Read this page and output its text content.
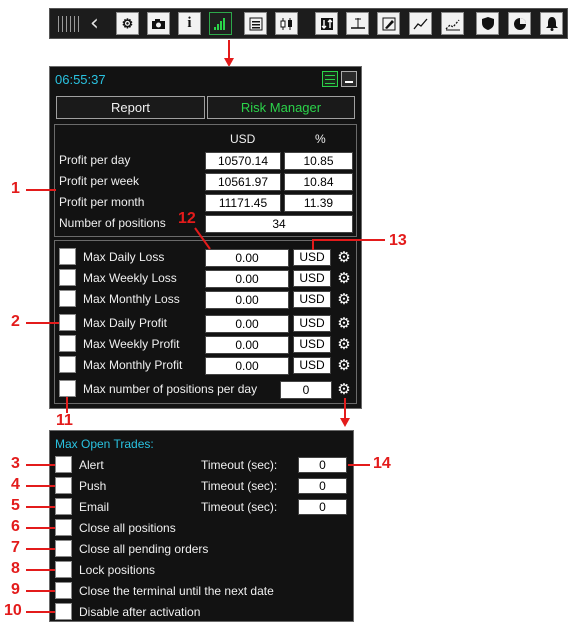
‹	⚙	i
06:55:37
Report	Risk Manager
USD	%
Profit per day	10570.14	10.85
Profit per week	10561.97	10.84
Profit per month	11171.45	11.39
Number of positions	34
Max Daily Loss	0.00	USD ⚙
Max Weekly Loss	0.00	USD ⚙
Max Monthly Loss	0.00	USD ⚙
Max Daily Profit	0.00	USD ⚙
Max Weekly Profit	0.00	USD ⚙
Max Monthly Profit	0.00	USD ⚙
Max number of positions per day	0	⚙
Max Open Trades:
Alert	Timeout (sec):	0
Push	Timeout (sec):	0
Email	Timeout (sec):	0
Close all positions
Close all pending orders
Lock positions
Close the terminal until the next date
Disable after activation
1
2
3
4
5
6
7
8
9
10
11
12
13
14
